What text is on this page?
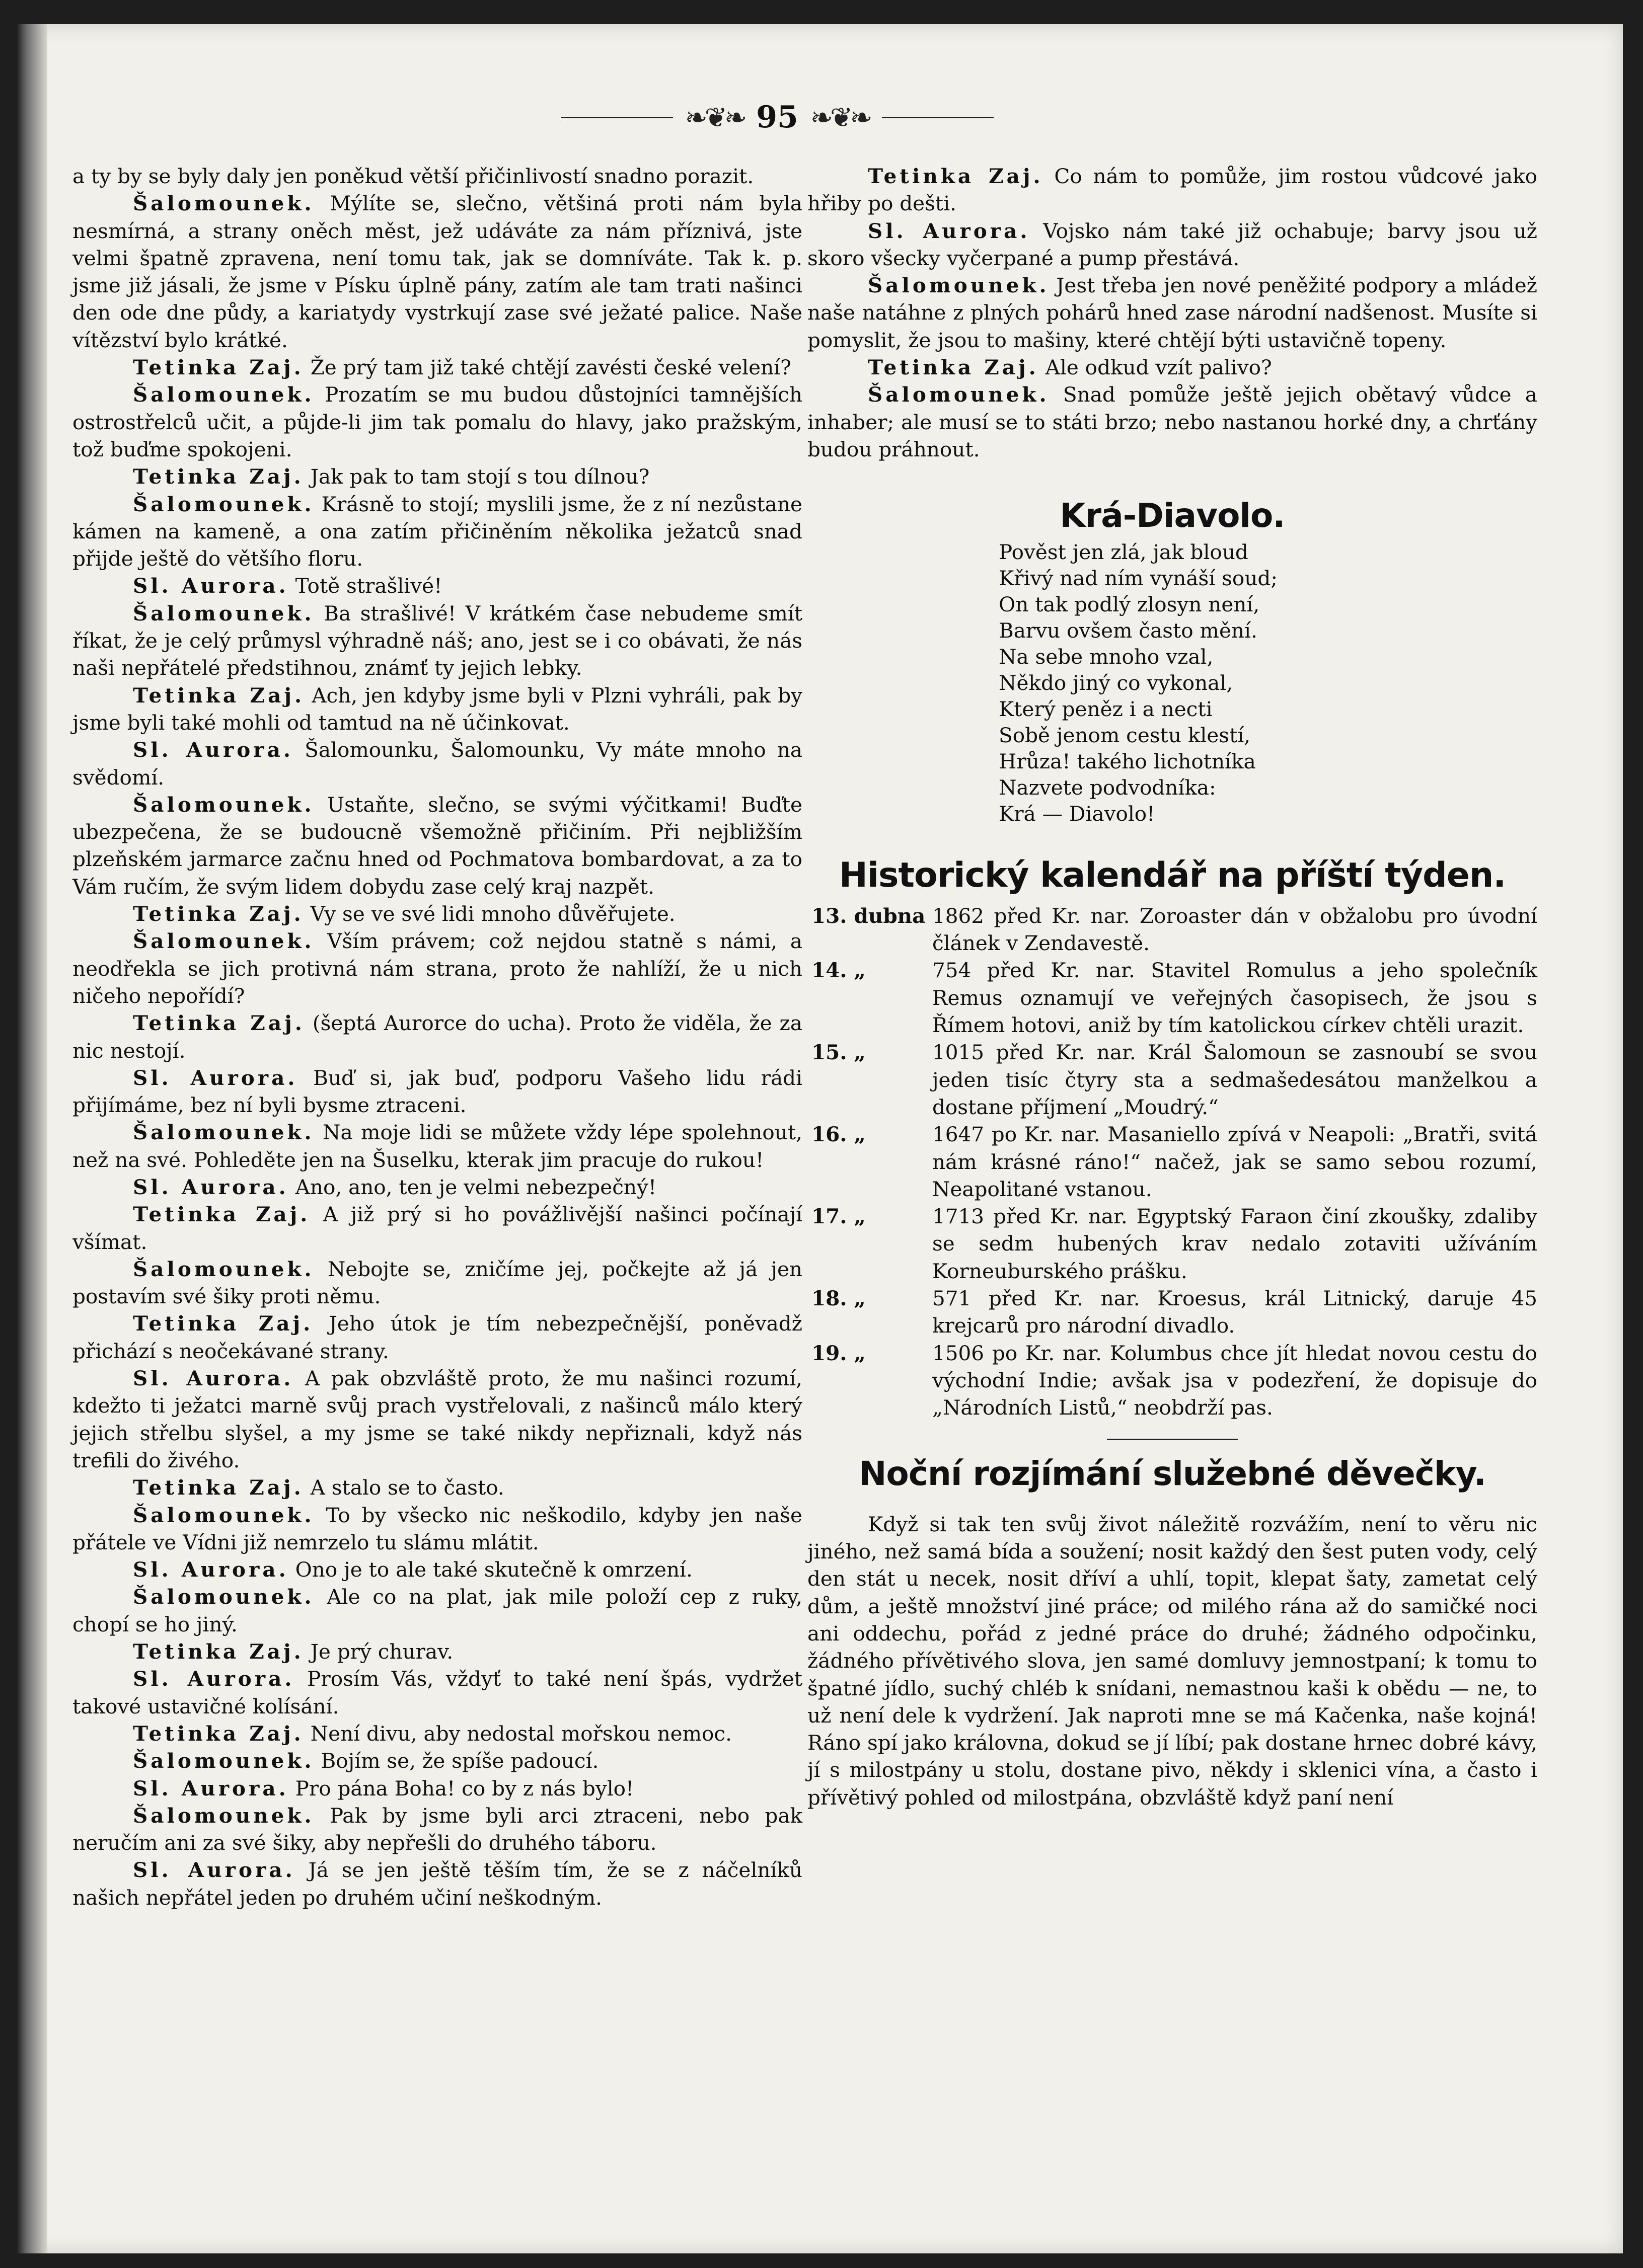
❧❦❧ 95 ❧❦❧

a ty by se byly daly jen poněkud větší přičinlivostí snadno porazit.

Šalomounek. Mýlíte se, slečno, většiná proti nám byla nesmírná, a strany oněch měst, jež udáváte za nám příznivá, jste velmi špatně zpravena, není tomu tak, jak se domníváte. Tak k. p. jsme již jásali, že jsme v Písku úplně pány, zatím ale tam trati našinci den ode dne půdy, a kariatydy vystrkují zase své ježaté palice. Naše vítězství bylo krátké.

Tetinka Zaj. Že prý tam již také chtějí zavésti české velení?

Šalomounek. Prozatím se mu budou důstojníci tamnějších ostrostřelců učit, a půjde-li jim tak pomalu do hlavy, jako pražským, tož buďme spokojeni.

Tetinka Zaj. Jak pak to tam stojí s tou dílnou?

Šalomounek. Krásně to stojí; myslili jsme, že z ní nezůstane kámen na kameně, a ona zatím přičiněním několika ježatců snad přijde ještě do většího floru.

Sl. Aurora. Totě strašlivé!

Šalomounek. Ba strašlivé! V krátkém čase nebudeme smít říkat, že je celý průmysl výhradně náš; ano, jest se i co obávati, že nás naši nepřátelé předstihnou, známť ty jejich lebky.

Tetinka Zaj. Ach, jen kdyby jsme byli v Plzni vyhráli, pak by jsme byli také mohli od tamtud na ně účinkovat.

Sl. Aurora. Šalomounku, Šalomounku, Vy máte mnoho na svědomí.

Šalomounek. Ustaňte, slečno, se svými výčitkami! Buďte ubezpečena, že se budoucně všemožně přičiním. Při nejbližším plzeňském jarmarce začnu hned od Pochmatova bombardovat, a za to Vám ručím, že svým lidem dobydu zase celý kraj nazpět.

Tetinka Zaj. Vy se ve své lidi mnoho důvěřujete.

Šalomounek. Vším právem; což nejdou statně s námi, a neodřekla se jich protivná nám strana, proto že nahlíží, že u nich ničeho nepořídí?

Tetinka Zaj. (šeptá Aurorce do ucha). Proto že viděla, že za nic nestojí.

Sl. Aurora. Buď si, jak buď, podporu Vašeho lidu rádi přijímáme, bez ní byli bysme ztraceni.

Šalomounek. Na moje lidi se můžete vždy lépe spolehnout, než na své. Pohleděte jen na Šuselku, kterak jim pracuje do rukou!

Sl. Aurora. Ano, ano, ten je velmi nebezpečný!

Tetinka Zaj. A již prý si ho povážlivější našinci počínají všímat.

Šalomounek. Nebojte se, zničíme jej, počkejte až já jen postavím své šiky proti němu.

Tetinka Zaj. Jeho útok je tím nebezpečnější, poněvadž přichází s neočekávané strany.

Sl. Aurora. A pak obzvláště proto, že mu našinci rozumí, kdežto ti ježatci marně svůj prach vystřelovali, z našinců málo který jejich střelbu slyšel, a my jsme se také nikdy nepřiznali, když nás trefili do živého.

Tetinka Zaj. A stalo se to často.

Šalomounek. To by všecko nic neškodilo, kdyby jen naše přátele ve Vídni již nemrzelo tu slámu mlátit.

Sl. Aurora. Ono je to ale také skutečně k omrzení.

Šalomounek. Ale co na plat, jak mile položí cep z ruky, chopí se ho jiný.

Tetinka Zaj. Je prý churav.

Sl. Aurora. Prosím Vás, vždyť to také není špás, vydržet takové ustavičné kolísání.

Tetinka Zaj. Není divu, aby nedostal mořskou nemoc.

Šalomounek. Bojím se, že spíše padoucí.

Sl. Aurora. Pro pána Boha! co by z nás bylo!

Šalomounek. Pak by jsme byli arci ztraceni, nebo pak neručím ani za své šiky, aby nepřešli do druhého táboru.

Sl. Aurora. Já se jen ještě těším tím, že se z náčelníků našich nepřátel jeden po druhém učiní neškodným.

Tetinka Zaj. Co nám to pomůže, jim rostou vůdcové jako hřiby po dešti.

Sl. Aurora. Vojsko nám také již ochabuje; barvy jsou už skoro všecky vyčerpané a pump přestává.

Šalomounek. Jest třeba jen nové peněžité podpory a mládež naše natáhne z plných pohárů hned zase národní nadšenost. Musíte si pomyslit, že jsou to mašiny, které chtějí býti ustavičně topeny.

Tetinka Zaj. Ale odkud vzít palivo?

Šalomounek. Snad pomůže ještě jejich obětavý vůdce a inhaber; ale musí se to státi brzo; nebo nastanou horké dny, a chrťány budou práhnout.

Krá-Diavolo.
Pověst jen zlá, jak bloud
Křivý nad ním vynáší soud;
On tak podlý zlosyn není,
Barvu ovšem často mění.
Na sebe mnoho vzal,
Někdo jiný co vykonal,
Který peněz i a necti
Sobě jenom cestu klestí,
Hrůza! takého lichotníka
Nazvete podvodníka:
Krá — Diavolo!
Historický kalendář na příští týden.
13. dubna 1862 před Kr. nar. Zoroaster dán v obžalobu pro úvodní článek v Zendavestě.
14. „	754 před Kr. nar. Stavitel Romulus a jeho společník Remus oznamují ve veřejných časopisech, že jsou s Římem hotovi, aniž by tím katolickou církev chtěli urazit.
15. „	1015 před Kr. nar. Král Šalomoun se zasnoubí se svou jeden tisíc čtyry sta a sedmašedesátou manželkou a dostane příjmení „Moudrý.“
16. „	1647 po Kr. nar. Masaniello zpívá v Neapoli: „Bratři, svitá nám krásné ráno!“ načež, jak se samo sebou rozumí, Neapolitané vstanou.
17. „	1713 před Kr. nar. Egyptský Faraon činí zkoušky, zdaliby se sedm hubených krav nedalo zotaviti užíváním Korneuburského prášku.
18. „	571 před Kr. nar. Kroesus, král Litnický, daruje 45 krejcarů pro národní divadlo.
19. „	1506 po Kr. nar. Kolumbus chce jít hledat novou cestu do východní Indie; avšak jsa v podezření, že dopisuje do „Národních Listů,“ neobdrží pas.
Noční rozjímání služebné děvečky.

Když si tak ten svůj život náležitě rozvážím, není to věru nic jiného, než samá bída a soužení; nosit každý den šest puten vody, celý den stát u necek, nosit dříví a uhlí, topit, klepat šaty, zametat celý dům, a ještě množství jiné práce; od milého rána až do samičké noci ani oddechu, pořád z jedné práce do druhé; žádného odpočinku, žádného přívětivého slova, jen samé domluvy jemnostpaní; k tomu to špatné jídlo, suchý chléb k snídani, nemastnou kaši k obědu — ne, to už není dele k vydržení. Jak naproti mne se má Kačenka, naše kojná! Ráno spí jako královna, dokud se jí líbí; pak dostane hrnec dobré kávy, jí s milostpány u stolu, dostane pivo, někdy i sklenici vína, a často i přívětivý pohled od milostpána, obzvláště když paní není
